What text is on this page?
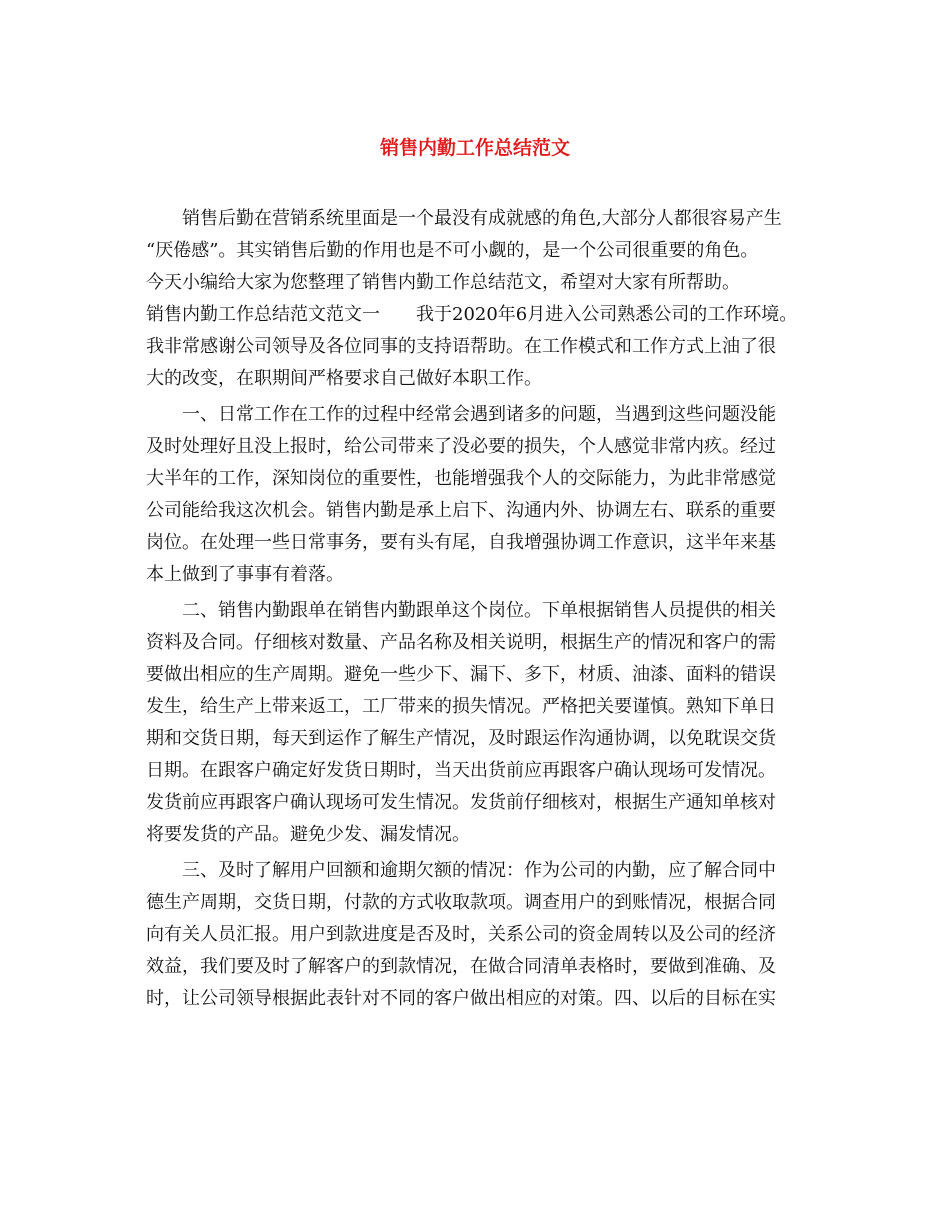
销售内勤工作总结范文

　　销售后勤在营销系统里面是一个最没有成就感的角色,大部分人都很容易产生

“厌倦感”。其实销售后勤的作用也是不可小觑的，是一个公司很重要的角色。

今天小编给大家为您整理了销售内勤工作总结范文，希望对大家有所帮助。

销售内勤工作总结范文范文一　　我于2020年6月进入公司熟悉公司的工作环境。

我非常感谢公司领导及各位同事的支持语帮助。在工作模式和工作方式上油了很

大的改变，在职期间严格要求自己做好本职工作。

　　一、日常工作在工作的过程中经常会遇到诸多的问题，当遇到这些问题没能

及时处理好且没上报时，给公司带来了没必要的损失，个人感觉非常内疚。经过

大半年的工作，深知岗位的重要性，也能增强我个人的交际能力，为此非常感觉

公司能给我这次机会。销售内勤是承上启下、沟通内外、协调左右、联系的重要

岗位。在处理一些日常事务，要有头有尾，自我增强协调工作意识，这半年来基

本上做到了事事有着落。

　　二、销售内勤跟单在销售内勤跟单这个岗位。下单根据销售人员提供的相关

资料及合同。仔细核对数量、产品名称及相关说明，根据生产的情况和客户的需

要做出相应的生产周期。避免一些少下、漏下、多下，材质、油漆、面料的错误

发生，给生产上带来返工，工厂带来的损失情况。严格把关要谨慎。熟知下单日

期和交货日期，每天到运作了解生产情况，及时跟运作沟通协调，以免耽误交货

日期。在跟客户确定好发货日期时，当天出货前应再跟客户确认现场可发情况。

发货前应再跟客户确认现场可发生情况。发货前仔细核对，根据生产通知单核对

将要发货的产品。避免少发、漏发情况。

　　三、及时了解用户回额和逾期欠额的情况：作为公司的内勤，应了解合同中

德生产周期，交货日期，付款的方式收取款项。调查用户的到账情况，根据合同

向有关人员汇报。用户到款进度是否及时，关系公司的资金周转以及公司的经济

效益，我们要及时了解客户的到款情况，在做合同清单表格时，要做到准确、及

时，让公司领导根据此表针对不同的客户做出相应的对策。四、以后的目标在实
